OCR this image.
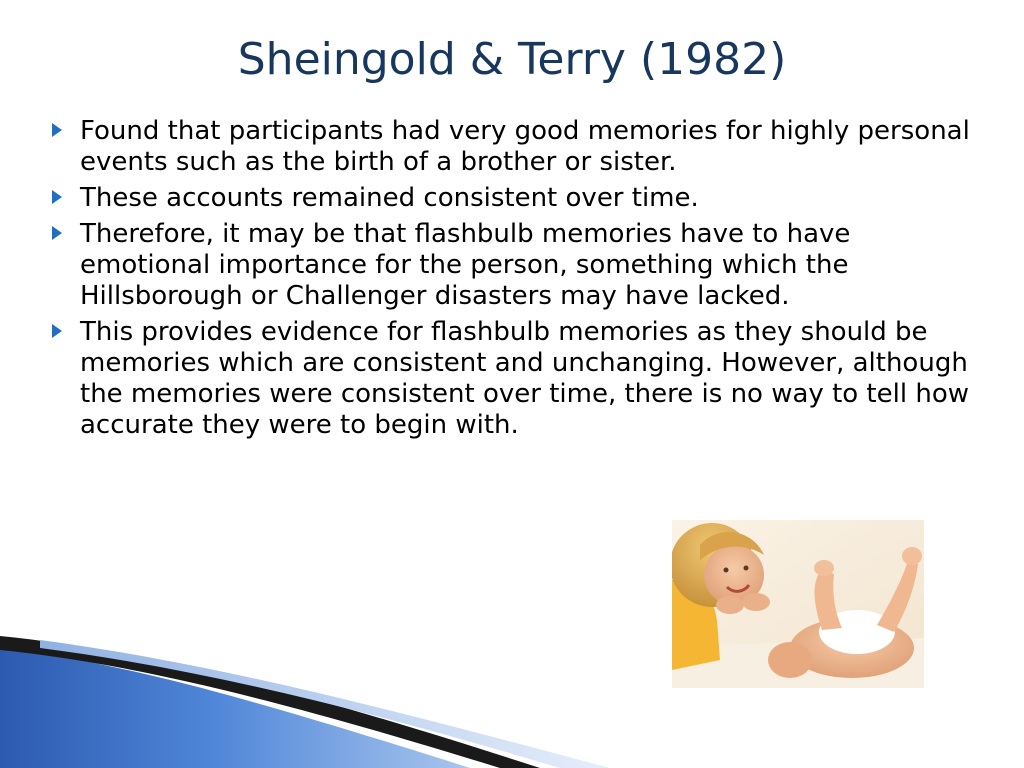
Sheingold & Terry (1982)
Found that participants had very good memories for highly personal events such as the birth of a brother or sister.
These accounts remained consistent over time.
Therefore, it may be that flashbulb memories have to have emotional importance for the person, something which the Hillsborough or Challenger disasters may have lacked.
This provides evidence for flashbulb memories as they should be memories which are consistent and unchanging. However, although the memories were consistent over time, there is no way to tell how accurate they were to begin with.
